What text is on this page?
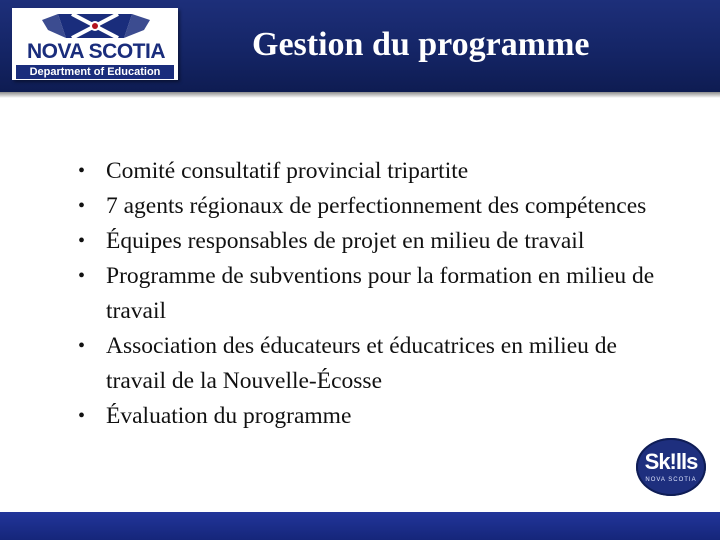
NOVA SCOTIA
Department of Education
Gestion du programme
• Comité consultatif provincial tripartite
• 7 agents régionaux de perfectionnement des compétences
• Équipes responsables de projet en milieu de travail
• Programme de subventions pour la formation en milieu de travail
• Association des éducateurs et éducatrices en milieu de travail de la Nouvelle-Écosse
• Évaluation du programme
Sk!lls
NOVA SCOTIA
